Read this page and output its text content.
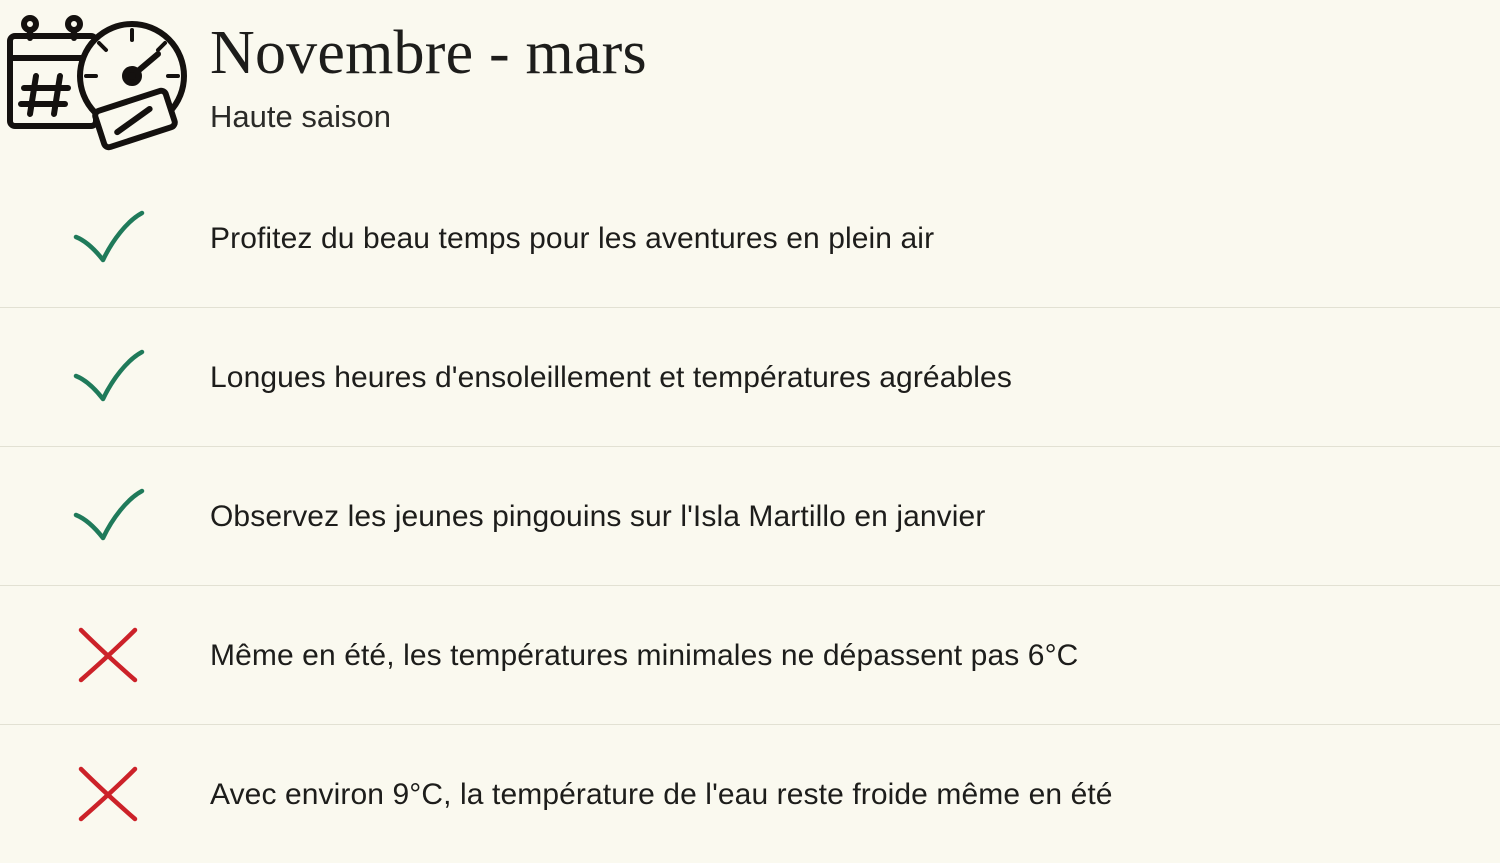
Novembre - mars
Haute saison
Profitez du beau temps pour les aventures en plein air
Longues heures d'ensoleillement et températures agréables
Observez les jeunes pingouins sur l'Isla Martillo en janvier
Même en été, les températures minimales ne dépassent pas 6°C
Avec environ 9°C, la température de l'eau reste froide même en été
